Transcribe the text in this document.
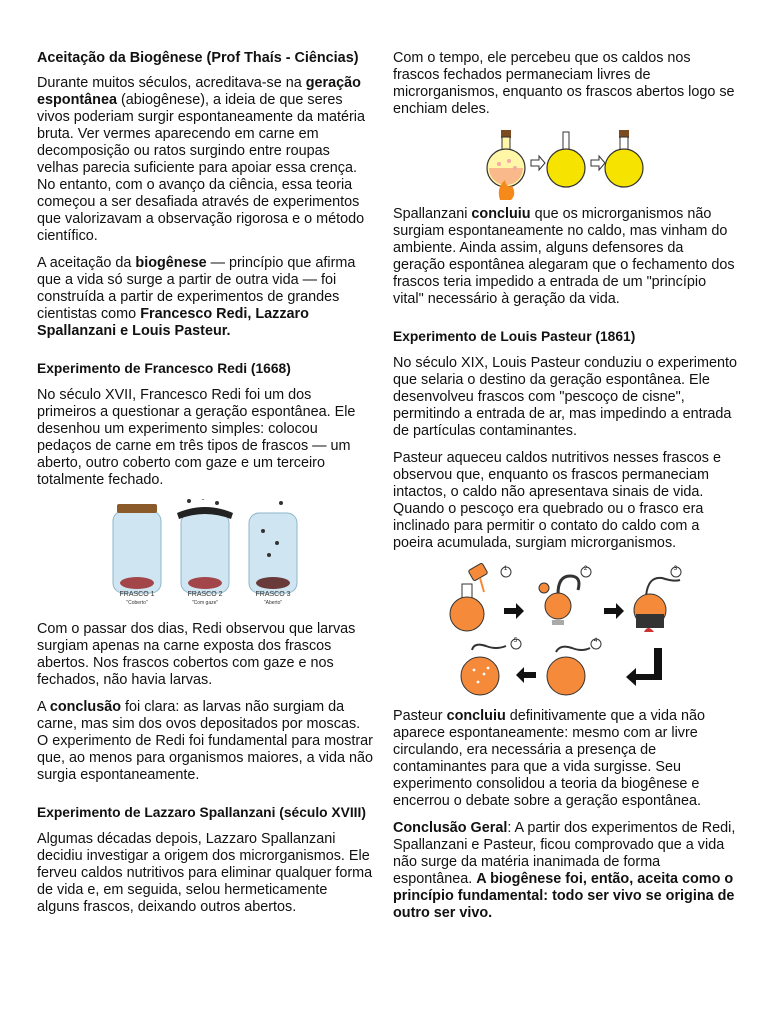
Aceitação da Biogênese (Prof Thaís - Ciências)

Durante muitos séculos, acreditava-se na geração espontânea (abiogênese), a ideia de que seres vivos poderiam surgir espontaneamente da matéria bruta. Ver vermes aparecendo em carne em decomposição ou ratos surgindo entre roupas velhas parecia suficiente para apoiar essa crença. No entanto, com o avanço da ciência, essa teoria começou a ser desafiada através de experimentos que valorizavam a observação rigorosa e o método científico.

A aceitação da biogênese — princípio que afirma que a vida só surge a partir de outra vida — foi construída a partir de experimentos de grandes cientistas como Francesco Redi, Lazzaro Spallanzani e Louis Pasteur.

Experimento de Francesco Redi (1668)

No século XVII, Francesco Redi foi um dos primeiros a questionar a geração espontânea. Ele desenhou um experimento simples: colocou pedaços de carne em três tipos de frascos — um aberto, outro coberto com gaze e um terceiro totalmente fechado.

FRASCO 1
"Coberto"
FRASCO 2
"Com gaze"
FRASCO 3
"Aberto"

Com o passar dos dias, Redi observou que larvas surgiam apenas na carne exposta dos frascos abertos. Nos frascos cobertos com gaze e nos fechados, não havia larvas.

A conclusão foi clara: as larvas não surgiam da carne, mas sim dos ovos depositados por moscas. O experimento de Redi foi fundamental para mostrar que, ao menos para organismos maiores, a vida não surgia espontaneamente.

Experimento de Lazzaro Spallanzani (século XVIII)

Algumas décadas depois, Lazzaro Spallanzani decidiu investigar a origem dos microrganismos. Ele ferveu caldos nutritivos para eliminar qualquer forma de vida e, em seguida, selou hermeticamente alguns frascos, deixando outros abertos.

Com o tempo, ele percebeu que os caldos nos frascos fechados permaneciam livres de microrganismos, enquanto os frascos abertos logo se enchiam deles.

Spallanzani concluiu que os microrganismos não surgiam espontaneamente no caldo, mas vinham do ambiente. Ainda assim, alguns defensores da geração espontânea alegaram que o fechamento dos frascos teria impedido a entrada de um "princípio vital" necessário à geração da vida.

Experimento de Louis Pasteur (1861)

No século XIX, Louis Pasteur conduziu o experimento que selaria o destino da geração espontânea. Ele desenvolveu frascos com "pescoço de cisne", permitindo a entrada de ar, mas impedindo a entrada de partículas contaminantes.

Pasteur aqueceu caldos nutritivos nesses frascos e observou que, enquanto os frascos permaneciam intactos, o caldo não apresentava sinais de vida. Quando o pescoço era quebrado ou o frasco era inclinado para permitir o contato do caldo com a poeira acumulada, surgiam microrganismos.

1	2	3
4
5

Pasteur concluiu definitivamente que a vida não aparece espontaneamente: mesmo com ar livre circulando, era necessária a presença de contaminantes para que a vida surgisse. Seu experimento consolidou a teoria da biogênese e encerrou o debate sobre a geração espontânea.

Conclusão Geral: A partir dos experimentos de Redi, Spallanzani e Pasteur, ficou comprovado que a vida não surge da matéria inanimada de forma espontânea. A biogênese foi, então, aceita como o princípio fundamental: todo ser vivo se origina de outro ser vivo.
